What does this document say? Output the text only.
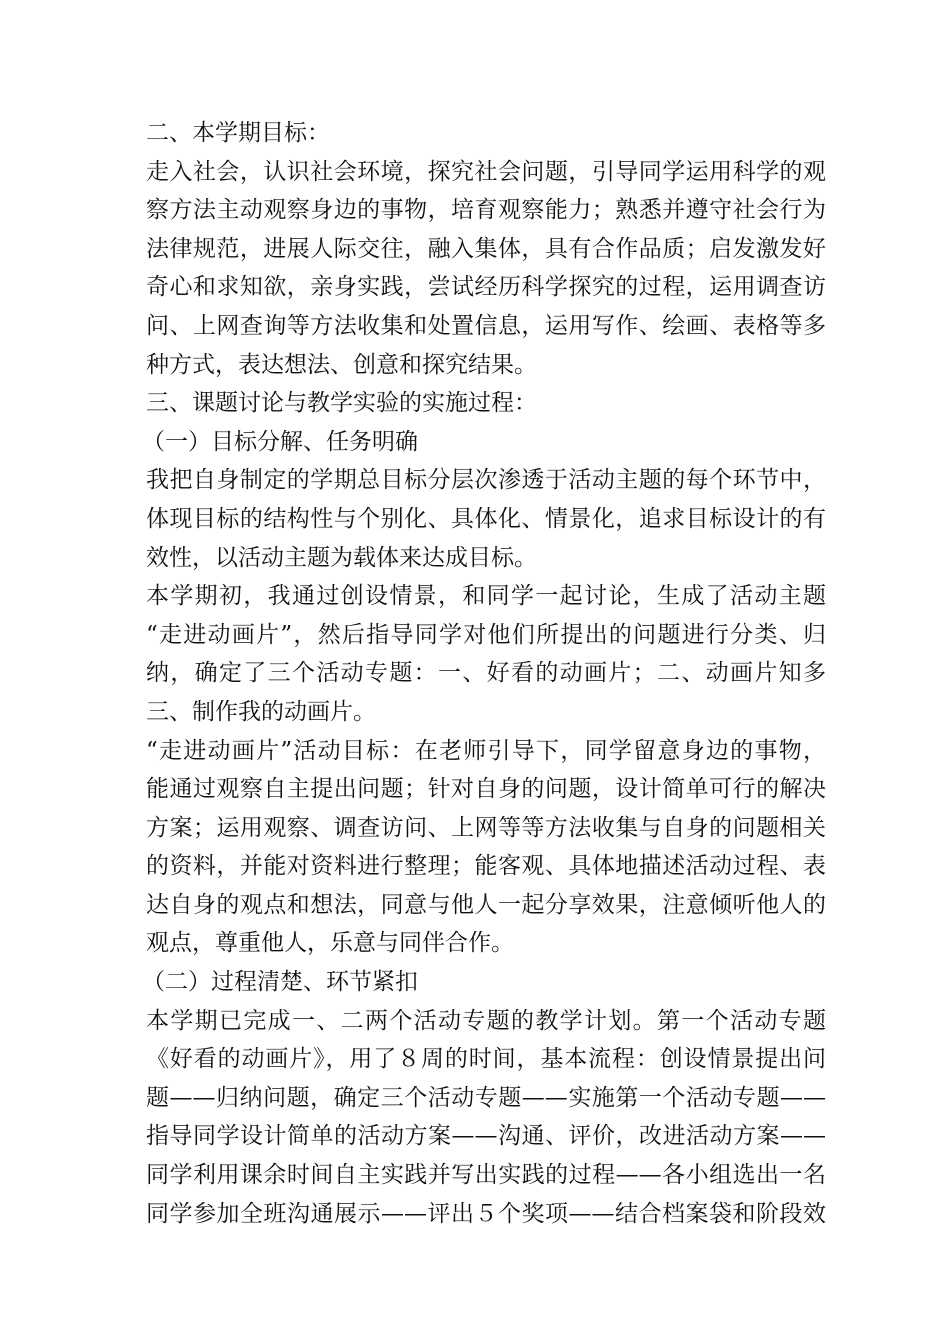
二、本学期目标：
走入社会，认识社会环境，探究社会问题，引导同学运用科学的观
察方法主动观察身边的事物，培育观察能力；熟悉并遵守社会行为
法律规范，进展人际交往，融入集体，具有合作品质；启发激发好
奇心和求知欲，亲身实践，尝试经历科学探究的过程，运用调查访
问、上网查询等方法收集和处置信息，运用写作、绘画、表格等多
种方式，表达想法、创意和探究结果。
三、课题讨论与教学实验的实施过程：
（一）目标分解、任务明确
我把自身制定的学期总目标分层次渗透于活动主题的每个环节中，
体现目标的结构性与个别化、具体化、情景化，追求目标设计的有
效性，以活动主题为载体来达成目标。
本学期初，我通过创设情景，和同学一起讨论，生成了活动主题
“走进动画片”，然后指导同学对他们所提出的问题进行分类、归
纳，确定了三个活动专题：一、好看的动画片；二、动画片知多
三、制作我的动画片。
“走进动画片”活动目标：在老师引导下，同学留意身边的事物，
能通过观察自主提出问题；针对自身的问题，设计简单可行的解决
方案；运用观察、调查访问、上网等等方法收集与自身的问题相关
的资料，并能对资料进行整理；能客观、具体地描述活动过程、表
达自身的观点和想法，同意与他人一起分享效果，注意倾听他人的
观点，尊重他人，乐意与同伴合作。
（二）过程清楚、环节紧扣
本学期已完成一、二两个活动专题的教学计划。第一个活动专题
《好看的动画片》，用了８周的时间，基本流程：创设情景提出问
题——归纳问题，确定三个活动专题——实施第一个活动专题——
指导同学设计简单的活动方案——沟通、评价，改进活动方案——
同学利用课余时间自主实践并写出实践的过程——各小组选出一名
同学参加全班沟通展示——评出５个奖项——结合档案袋和阶段效
